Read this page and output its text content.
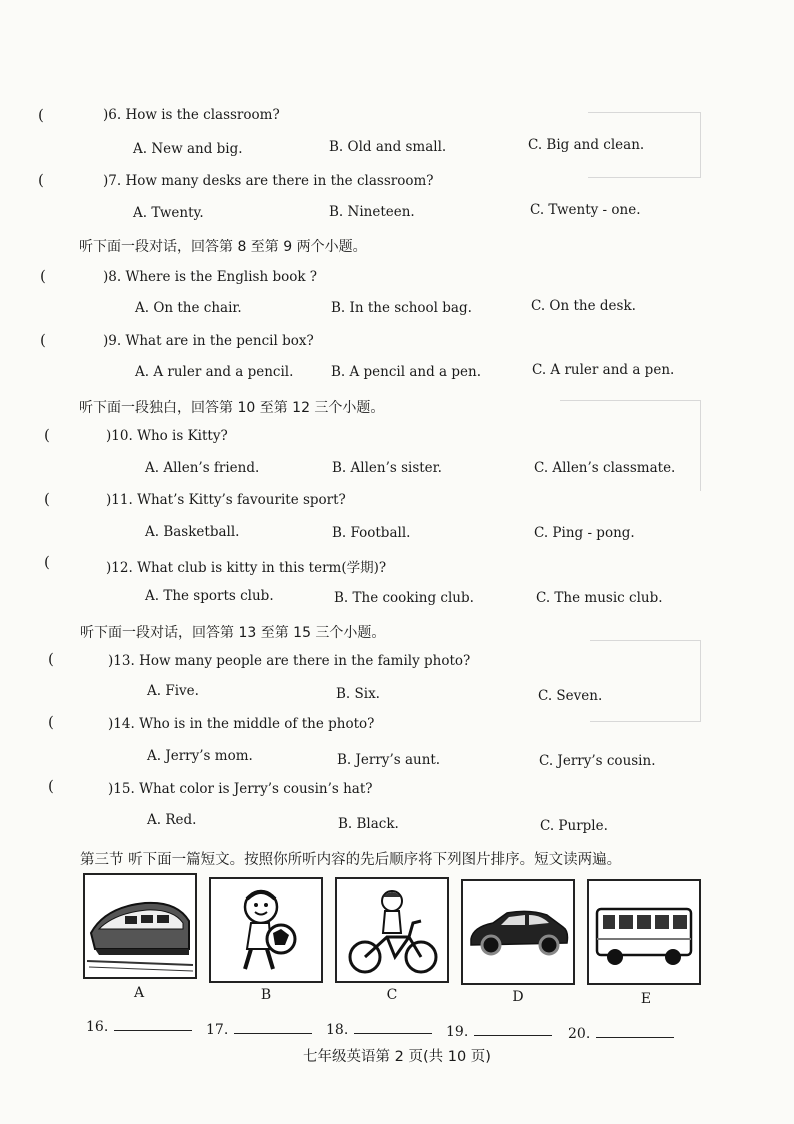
(	)6. How is the classroom?
A. New and big.	B. Old and small.	C. Big and clean.
(	)7. How many desks are there in the classroom?
A. Twenty.	B. Nineteen.	C. Twenty - one.
听下面一段对话，回答第 8 至第 9 两个小题。
(	)8. Where is the English book ?
A. On the chair.	B. In the school bag.	C. On the desk.
(	)9. What are in the pencil box?
A. A ruler and a pencil.	B. A pencil and a pen.	C. A ruler and a pen.
听下面一段独白，回答第 10 至第 12 三个小题。
(	)10. Who is Kitty?
A. Allen’s friend.	B. Allen’s sister.	C. Allen’s classmate.
(	)11. What’s Kitty’s favourite sport?
A. Basketball.	B. Football.	C. Ping - pong.
(	)12. What club is kitty in this term(学期)?
A. The sports club.	B. The cooking club.	C. The music club.
听下面一段对话，回答第 13 至第 15 三个小题。
(	)13. How many people are there in the family photo?
A. Five.	B. Six.	C. Seven.
(	)14. Who is in the middle of the photo?
A. Jerry’s mom.	B. Jerry’s aunt.	C. Jerry’s cousin.
(	)15. What color is Jerry’s cousin’s hat?
A. Red.	B. Black.	C. Purple.
第三节 听下面一篇短文。按照你所听内容的先后顺序将下列图片排序。短文读两遍。
A	B	C	D	E
16.	17.	18.	19.	20.
七年级英语第 2 页(共 10 页)
